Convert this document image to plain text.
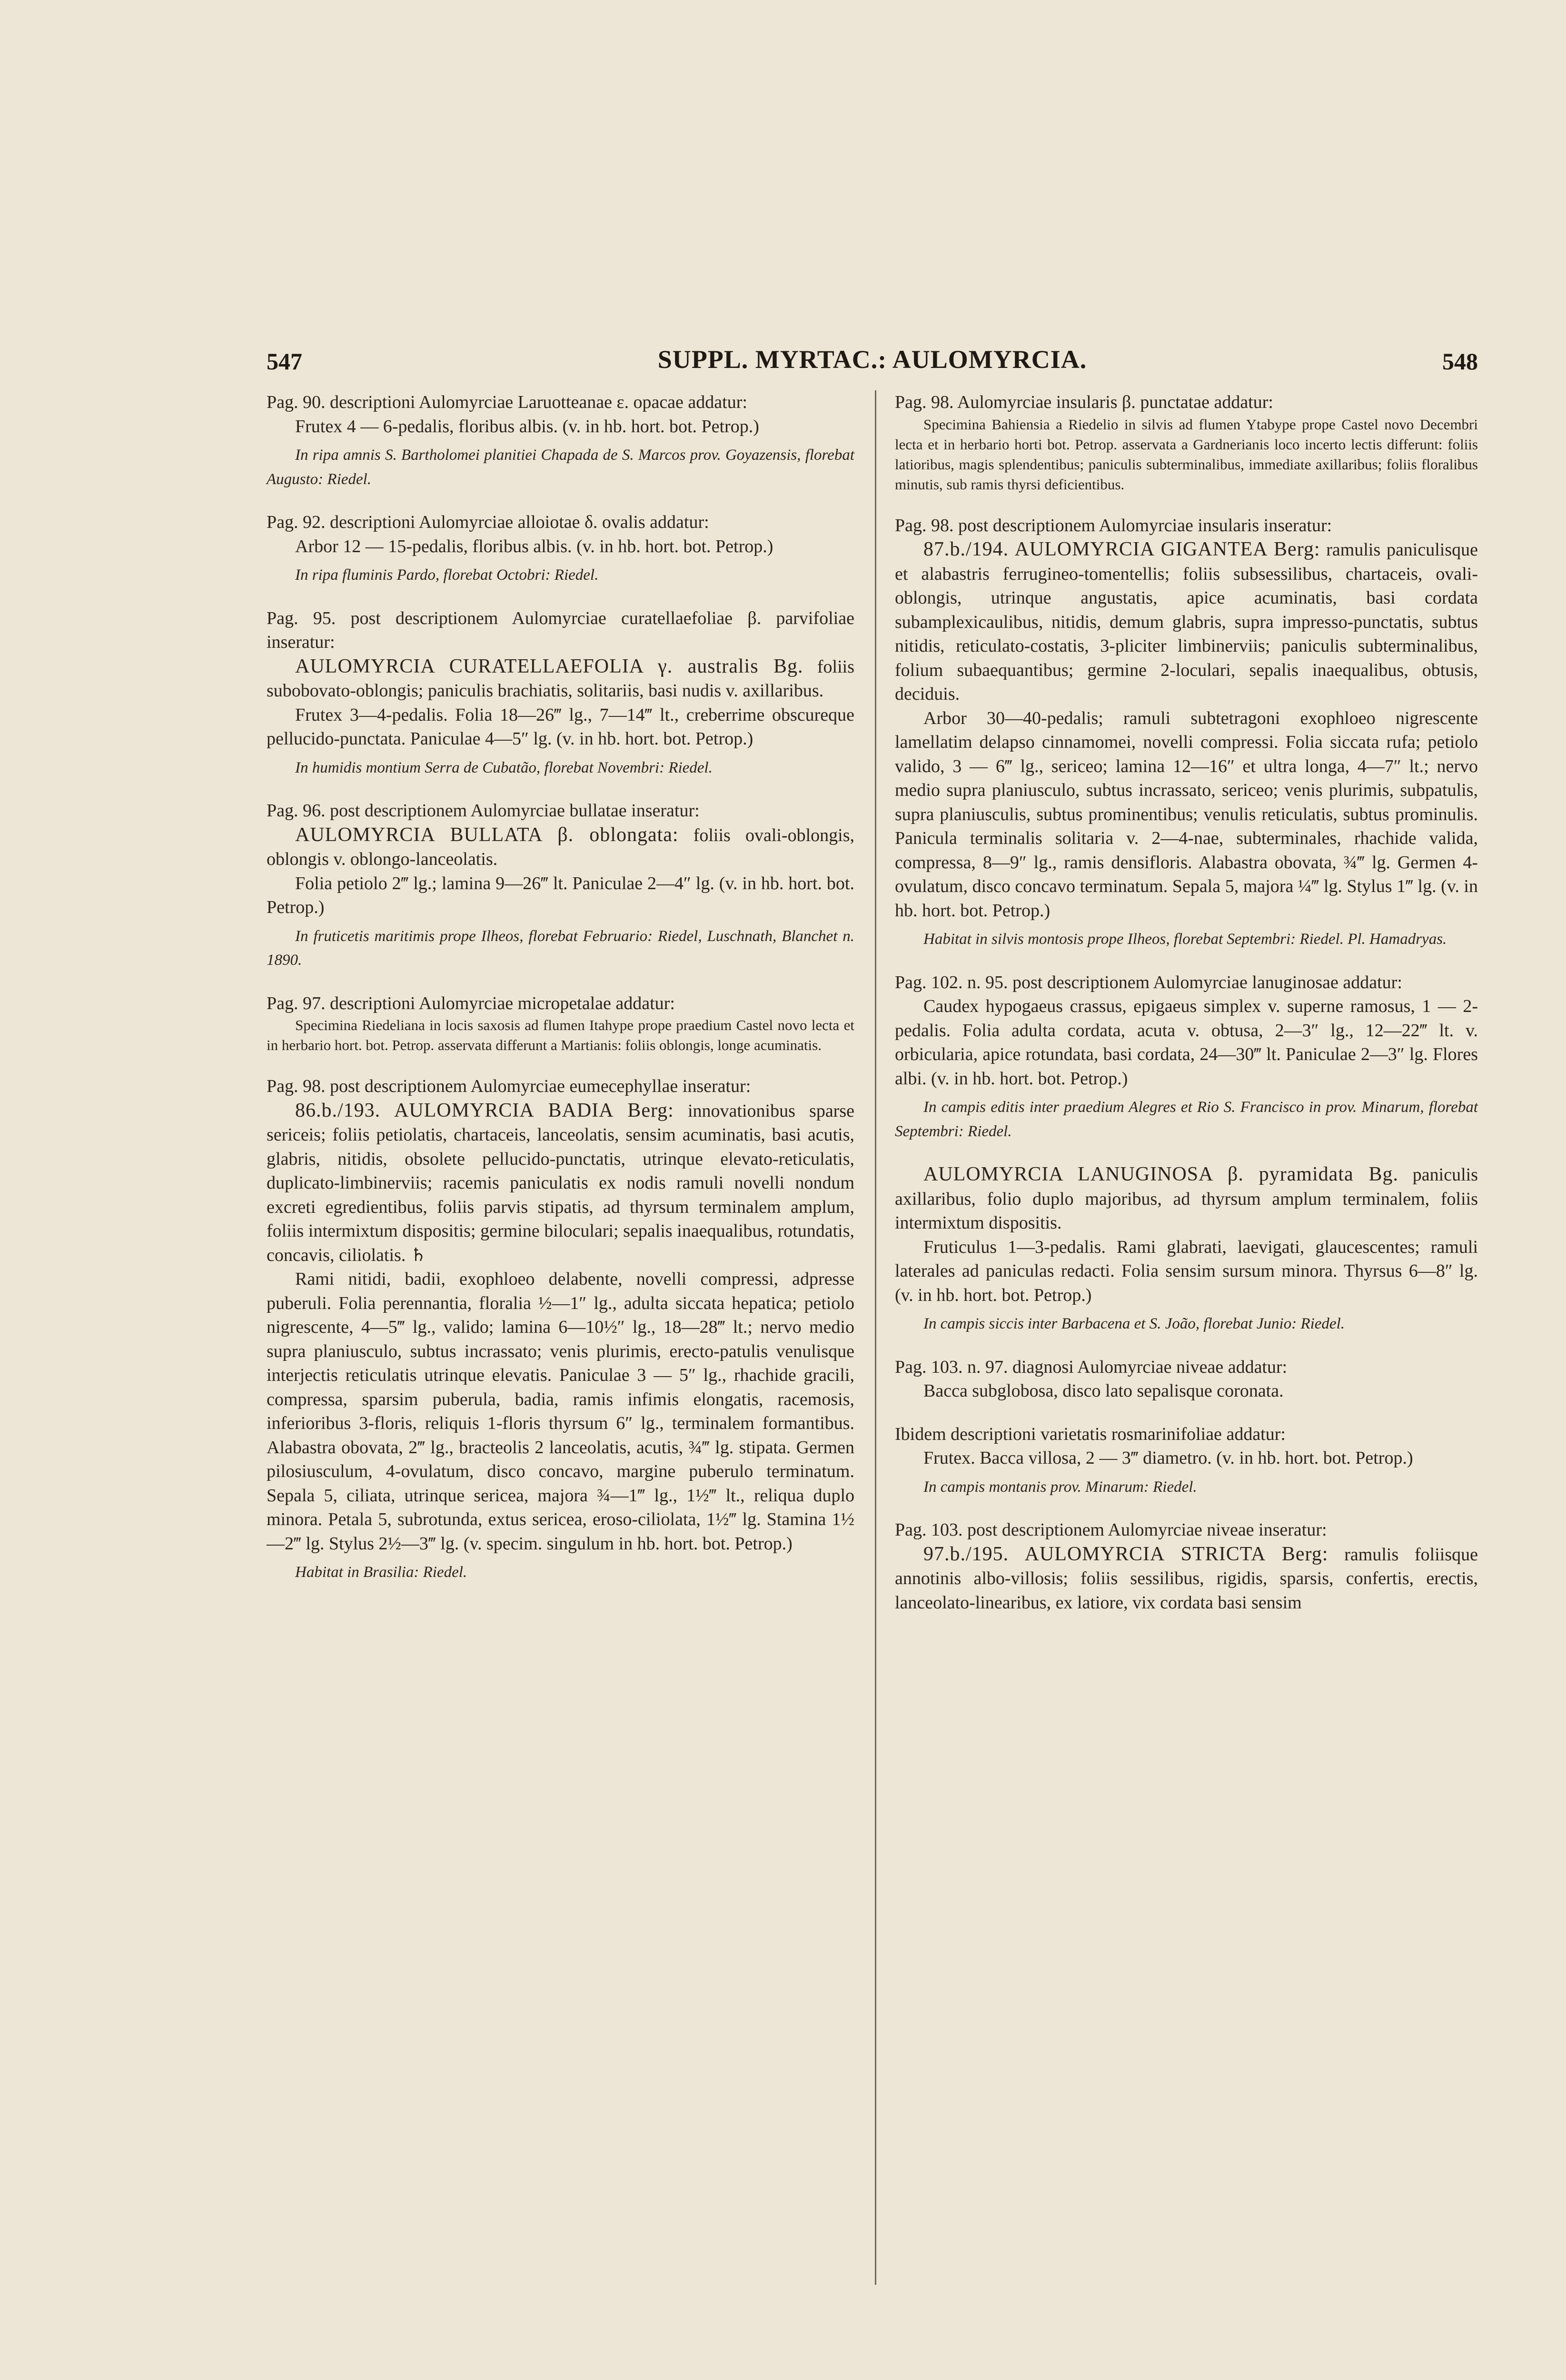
547	SUPPL. MYRTAC.: AULOMYRCIA.	548

Pag. 90. descriptioni Aulomyrciae Laruotteanae ε. opacae addatur:

Frutex 4 — 6-pedalis, floribus albis. (v. in hb. hort. bot. Petrop.)

In ripa amnis S. Bartholomei planitiei Chapada de S. Marcos prov. Goyazensis, florebat Augusto: Riedel.

Pag. 92. descriptioni Aulomyrciae alloiotae δ. ovalis addatur:

Arbor 12 — 15-pedalis, floribus albis. (v. in hb. hort. bot. Petrop.)

In ripa fluminis Pardo, florebat Octobri: Riedel.

Pag. 95. post descriptionem Aulomyrciae curatellaefoliae β. parvifoliae inseratur:

AULOMYRCIA CURATELLAEFOLIA γ. australis Bg. foliis subobovato-oblongis; paniculis brachiatis, solitariis, basi nudis v. axillaribus.

Frutex 3—4-pedalis. Folia 18—26‴ lg., 7—14‴ lt., creberrime obscureque pellucido-punctata. Paniculae 4—5″ lg. (v. in hb. hort. bot. Petrop.)

In humidis montium Serra de Cubatão, florebat Novembri: Riedel.

Pag. 96. post descriptionem Aulomyrciae bullatae inseratur:

AULOMYRCIA BULLATA β. oblongata: foliis ovali-oblongis, oblongis v. oblongo-lanceolatis.

Folia petiolo 2‴ lg.; lamina 9—26‴ lt. Paniculae 2—4″ lg. (v. in hb. hort. bot. Petrop.)

In fruticetis maritimis prope Ilheos, florebat Februario: Riedel, Luschnath, Blanchet n. 1890.

Pag. 97. descriptioni Aulomyrciae micropetalae addatur:

Specimina Riedeliana in locis saxosis ad flumen Itahype prope praedium Castel novo lecta et in herbario hort. bot. Petrop. asservata differunt a Martianis: foliis oblongis, longe acuminatis.

Pag. 98. post descriptionem Aulomyrciae eumecephyllae inseratur:

86.b./193. AULOMYRCIA BADIA Berg: innovationibus sparse sericeis; foliis petiolatis, chartaceis, lanceolatis, sensim acuminatis, basi acutis, glabris, nitidis, obsolete pellucido-punctatis, utrinque elevato-reticulatis, duplicato-limbinerviis; racemis paniculatis ex nodis ramuli novelli nondum excreti egredientibus, foliis parvis stipatis, ad thyrsum terminalem amplum, foliis intermixtum dispositis; germine biloculari; sepalis inaequalibus, rotundatis, concavis, ciliolatis. ♄

Rami nitidi, badii, exophloeo delabente, novelli compressi, adpresse puberuli. Folia perennantia, floralia ½—1″ lg., adulta siccata hepatica; petiolo nigrescente, 4—5‴ lg., valido; lamina 6—10½″ lg., 18—28‴ lt.; nervo medio supra planiusculo, subtus incrassato; venis plurimis, erecto-patulis venulisque interjectis reticulatis utrinque elevatis. Paniculae 3 — 5″ lg., rhachide gracili, compressa, sparsim puberula, badia, ramis infimis elongatis, racemosis, inferioribus 3-floris, reliquis 1-floris thyrsum 6″ lg., terminalem formantibus. Alabastra obovata, 2‴ lg., bracteolis 2 lanceolatis, acutis, ¾‴ lg. stipata. Germen pilosiusculum, 4-ovulatum, disco concavo, margine puberulo terminatum. Sepala 5, ciliata, utrinque sericea, majora ¾—1‴ lg., 1½‴ lt., reliqua duplo minora. Petala 5, subrotunda, extus sericea, eroso-ciliolata, 1½‴ lg. Stamina 1½—2‴ lg. Stylus 2½—3‴ lg. (v. specim. singulum in hb. hort. bot. Petrop.)

Habitat in Brasilia: Riedel.

Pag. 98. Aulomyrciae insularis β. punctatae addatur:

Specimina Bahiensia a Riedelio in silvis ad flumen Ytabype prope Castel novo Decembri lecta et in herbario horti bot. Petrop. asservata a Gardnerianis loco incerto lectis differunt: foliis latioribus, magis splendentibus; paniculis subterminalibus, immediate axillaribus; foliis floralibus minutis, sub ramis thyrsi deficientibus.

Pag. 98. post descriptionem Aulomyrciae insularis inseratur:

87.b./194. AULOMYRCIA GIGANTEA Berg: ramulis paniculisque et alabastris ferrugineo-tomentellis; foliis subsessilibus, chartaceis, ovali-oblongis, utrinque angustatis, apice acuminatis, basi cordata subamplexicaulibus, nitidis, demum glabris, supra impresso-punctatis, subtus nitidis, reticulato-costatis, 3-pliciter limbinerviis; paniculis subterminalibus, folium subaequantibus; germine 2-loculari, sepalis inaequalibus, obtusis, deciduis.

Arbor 30—40-pedalis; ramuli subtetragoni exophloeo nigrescente lamellatim delapso cinnamomei, novelli compressi. Folia siccata rufa; petiolo valido, 3 — 6‴ lg., sericeo; lamina 12—16″ et ultra longa, 4—7″ lt.; nervo medio supra planiusculo, subtus incrassato, sericeo; venis plurimis, subpatulis, supra planiusculis, subtus prominentibus; venulis reticulatis, subtus prominulis. Panicula terminalis solitaria v. 2—4-nae, subterminales, rhachide valida, compressa, 8—9″ lg., ramis densifloris. Alabastra obovata, ¾‴ lg. Germen 4-ovulatum, disco concavo terminatum. Sepala 5, majora ¼‴ lg. Stylus 1‴ lg. (v. in hb. hort. bot. Petrop.)

Habitat in silvis montosis prope Ilheos, florebat Septembri: Riedel. Pl. Hamadryas.

Pag. 102. n. 95. post descriptionem Aulomyrciae lanuginosae addatur:

Caudex hypogaeus crassus, epigaeus simplex v. superne ramosus, 1 — 2-pedalis. Folia adulta cordata, acuta v. obtusa, 2—3″ lg., 12—22‴ lt. v. orbicularia, apice rotundata, basi cordata, 24—30‴ lt. Paniculae 2—3″ lg. Flores albi. (v. in hb. hort. bot. Petrop.)

In campis editis inter praedium Alegres et Rio S. Francisco in prov. Minarum, florebat Septembri: Riedel.

AULOMYRCIA LANUGINOSA β. pyramidata Bg. paniculis axillaribus, folio duplo majoribus, ad thyrsum amplum terminalem, foliis intermixtum dispositis.

Fruticulus 1—3-pedalis. Rami glabrati, laevigati, glaucescentes; ramuli laterales ad paniculas redacti. Folia sensim sursum minora. Thyrsus 6—8″ lg. (v. in hb. hort. bot. Petrop.)

In campis siccis inter Barbacena et S. João, florebat Junio: Riedel.

Pag. 103. n. 97. diagnosi Aulomyrciae niveae addatur:

Bacca subglobosa, disco lato sepalisque coronata.

Ibidem descriptioni varietatis rosmarinifoliae addatur:

Frutex. Bacca villosa, 2 — 3‴ diametro. (v. in hb. hort. bot. Petrop.)

In campis montanis prov. Minarum: Riedel.

Pag. 103. post descriptionem Aulomyrciae niveae inseratur:

97.b./195. AULOMYRCIA STRICTA Berg: ramulis foliisque annotinis albo-villosis; foliis sessilibus, rigidis, sparsis, confertis, erectis, lanceolato-linearibus, ex latiore, vix cordata basi sensim
